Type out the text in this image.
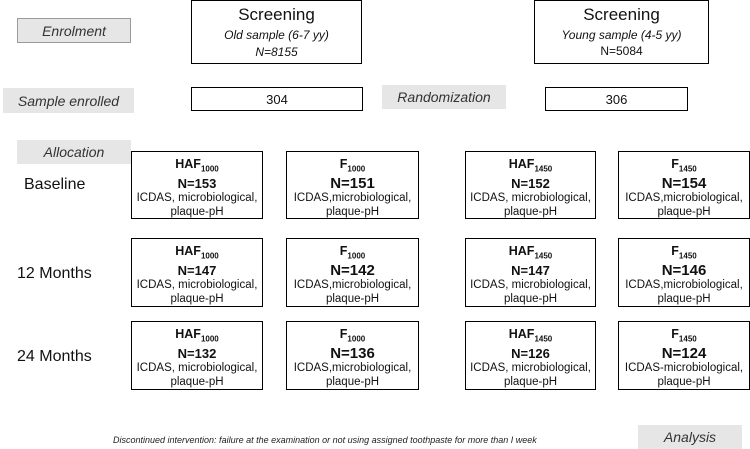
Enrolment
Sample enrolled	Randomization
Allocation
Analysis
Screening
Old sample (6-7 yy)
N=8155
Screening
Young sample (4-5 yy)
N=5084
304	306
Baseline
12 Months
24 Months
$HAF_{1000}$
N=153
ICDAS, microbiological, plaque-pH
$HAF_{1000}$
N=147
ICDAS, microbiological, plaque-pH
$HAF_{1000}$
N=132
ICDAS, microbiological, plaque-pH
$F_{1000}$
N=151
ICDAS,microbiological, plaque-pH
$F_{1000}$
N=142
ICDAS,microbiological, plaque-pH
$F_{1000}$
N=136
ICDAS,microbiological, plaque-pH
$HAF_{1450}$
N=152
ICDAS, microbiological, plaque-pH
$HAF_{1450}$
N=147
ICDAS, microbiological, plaque-pH
$HAF_{1450}$
N=126
ICDAS, microbiological, plaque-pH
$F_{1450}$
N=154
ICDAS,microbiological, plaque-pH
$F_{1450}$
N=146
ICDAS,microbiological, plaque-pH
$F_{1450}$
N=124
ICDAS-microbiological, plaque-pH
Discontinued intervention: failure at the examination or not using assigned toothpaste for more than I week
